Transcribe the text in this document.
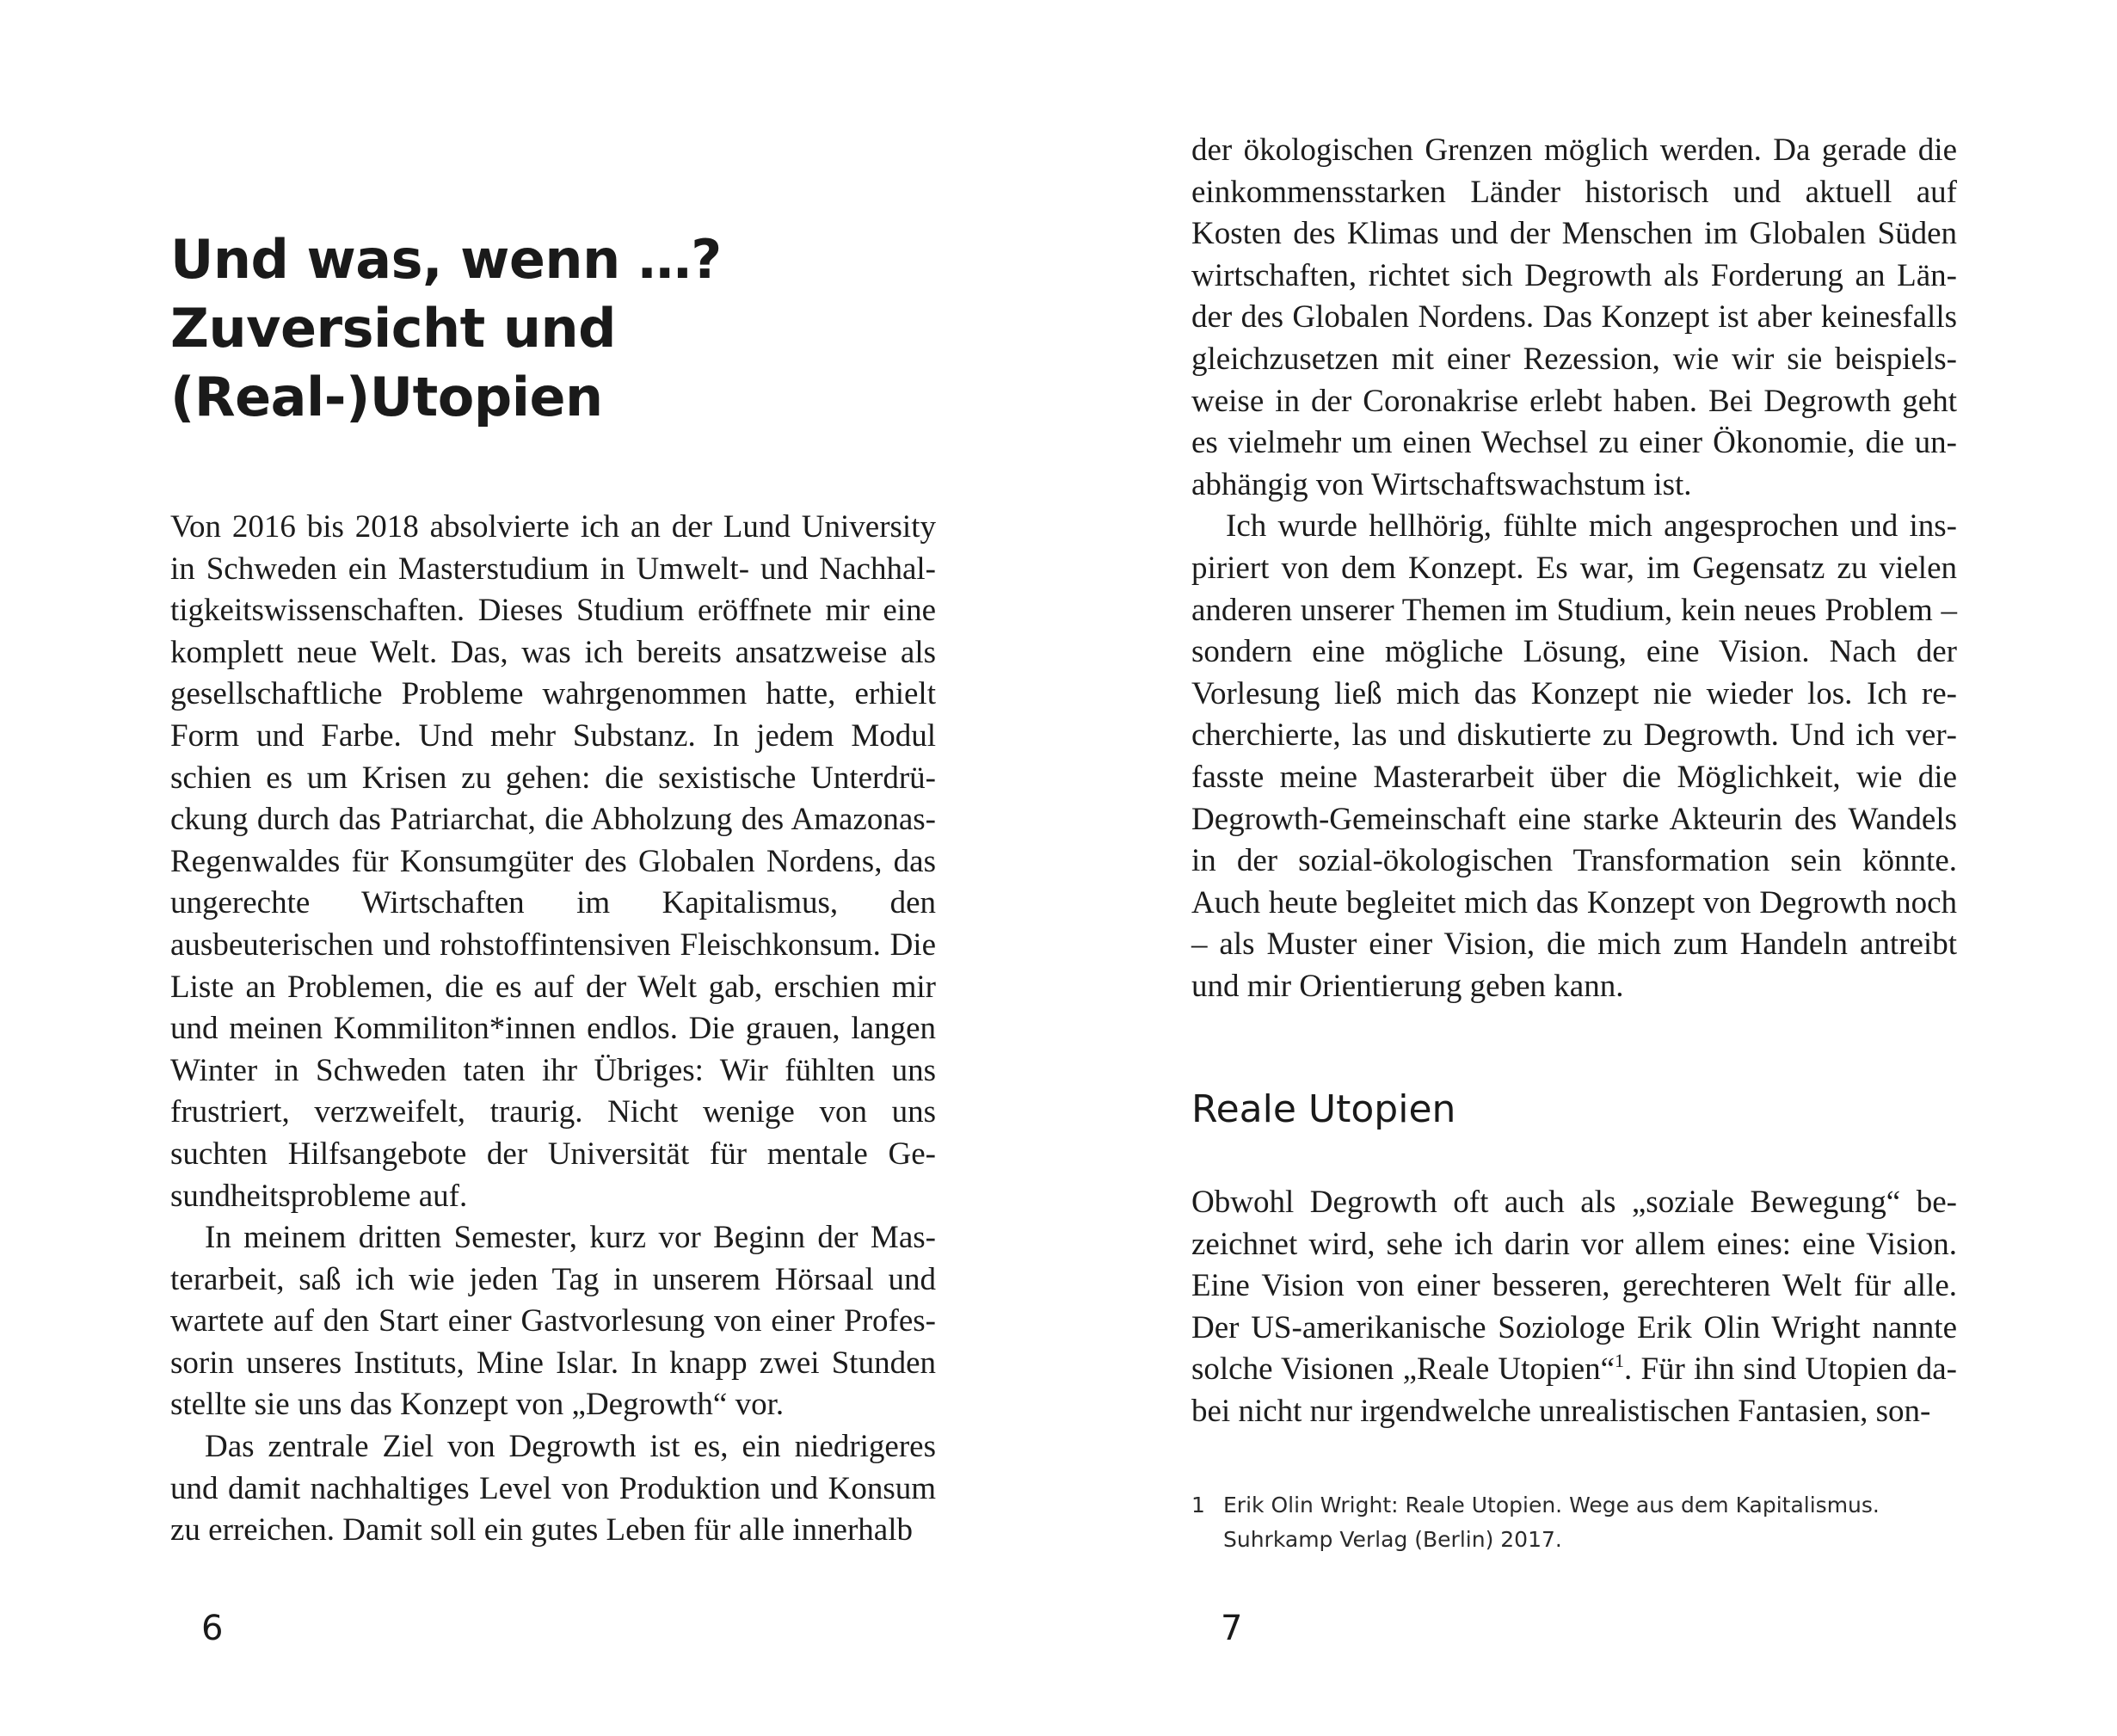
Und was, wenn …?
Zuversicht und
(Real-)Utopien

Von 2016 bis 2018 absolvierte ich an der Lund University in Schweden ein Masterstudium in Umwelt- und Nachhaltigkeitswissenschaften. Dieses Studium eröffnete mir eine komplett neue Welt. Das, was ich bereits ansatzweise als gesellschaftliche Probleme wahrgenommen hatte, erhielt Form und Farbe. Und mehr Substanz. In jedem Modul schien es um Krisen zu gehen: die sexistische Unterdrückung durch das Patriarchat, die Abholzung des Amazonas-Regenwaldes für Konsumgüter des Globalen Nordens, das ungerechte Wirtschaften im Kapitalismus, den ausbeuterischen und rohstoffintensiven Fleischkonsum. Die Liste an Problemen, die es auf der Welt gab, erschien mir und meinen Kommiliton*innen endlos. Die grauen, langen Winter in Schweden taten ihr Übriges: Wir fühlten uns frustriert, verzweifelt, traurig. Nicht wenige von uns suchten Hilfsangebote der Universität für mentale Gesundheitsprobleme auf.

In meinem dritten Semester, kurz vor Beginn der Masterarbeit, saß ich wie jeden Tag in unserem Hörsaal und wartete auf den Start einer Gastvorlesung von einer Professorin unseres Instituts, Mine Islar. In knapp zwei Stunden stellte sie uns das Konzept von „Degrowth“ vor.

Das zentrale Ziel von Degrowth ist es, ein niedrigeres und damit nachhaltiges Level von Produktion und Konsum zu erreichen. Damit soll ein gutes Leben für alle innerhalb

6

der ökologischen Grenzen möglich werden. Da gerade die einkommensstarken Länder historisch und aktuell auf Kosten des Klimas und der Menschen im Globalen Süden wirtschaften, richtet sich Degrowth als Forderung an Länder des Globalen Nordens. Das Konzept ist aber keinesfalls gleichzusetzen mit einer Rezession, wie wir sie beispielsweise in der Coronakrise erlebt haben. Bei Degrowth geht es vielmehr um einen Wechsel zu einer Ökonomie, die unabhängig von Wirtschaftswachstum ist.

Ich wurde hellhörig, fühlte mich angesprochen und inspiriert von dem Konzept. Es war, im Gegensatz zu vielen anderen unserer Themen im Studium, kein neues Problem – sondern eine mögliche Lösung, eine Vision. Nach der Vorlesung ließ mich das Konzept nie wieder los. Ich recherchierte, las und diskutierte zu Degrowth. Und ich verfasste meine Masterarbeit über die Möglichkeit, wie die Degrowth-Gemeinschaft eine starke Akteurin des Wandels in der sozial-ökologischen Transformation sein könnte. Auch heute begleitet mich das Konzept von Degrowth noch – als Muster einer Vision, die mich zum Handeln antreibt und mir Orientierung geben kann.

Reale Utopien

Obwohl Degrowth oft auch als „soziale Bewegung“ bezeichnet wird, sehe ich darin vor allem eines: eine Vision. Eine Vision von einer besseren, gerechteren Welt für alle. Der US-amerikanische Soziologe Erik Olin Wright nannte solche Visionen „Reale Utopien“$^1$. Für ihn sind Utopien dabei nicht nur irgendwelche unrealistischen Fantasien, son-

1 Erik Olin Wright: Reale Utopien. Wege aus dem Kapitalismus.
Suhrkamp Verlag (Berlin) 2017.
7
